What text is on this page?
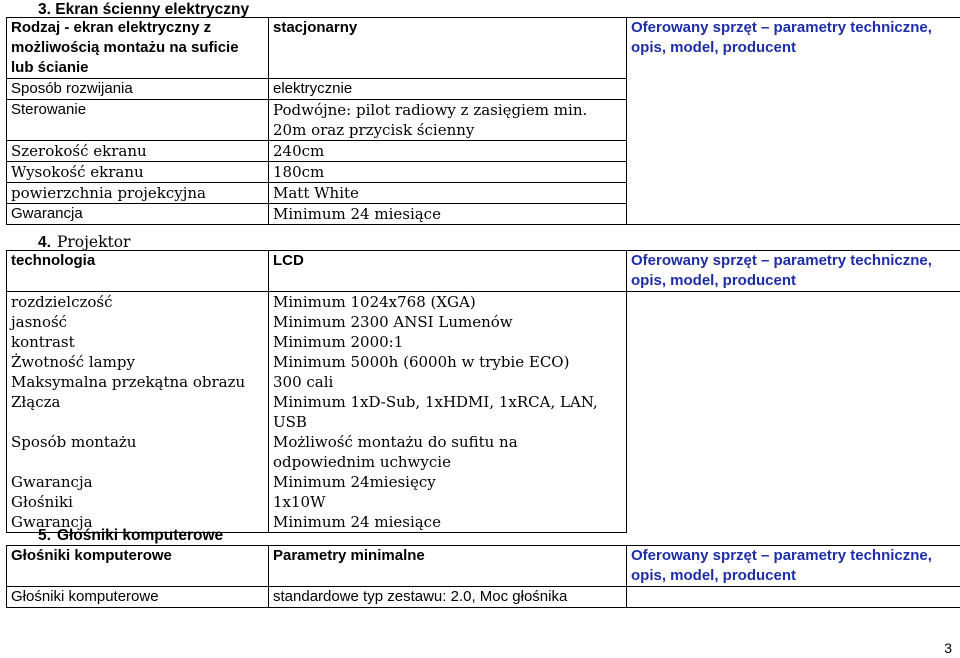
3. Ekran ścienny elektryczny
Rodzaj - ekran elektryczny z możliwością montażu na suficie lub ścianie	stacjonarny	Oferowany sprzęt – parametry techniczne, opis, model, producent
Sposób rozwijania	elektrycznie	
Sterowanie	Podwójne: pilot radiowy z zasięgiem min. 20m oraz przycisk ścienny	
Szerokość ekranu	240cm	
Wysokość ekranu	180cm	
powierzchnia projekcyjna	Matt White	
Gwarancja	Minimum 24 miesiące	
4. Projektor
technologia	LCD	Oferowany sprzęt – parametry techniczne, opis, model, producent
rozdzielczość	Minimum 1024x768 (XGA)	
jasność	Minimum 2300 ANSI Lumenów	
kontrast	Minimum 2000:1	
Żwotność lampy	Minimum 5000h (6000h w trybie ECO)	
Maksymalna przekątna obrazu	300 cali	
Złącza	Minimum 1xD-Sub, 1xHDMI, 1xRCA, LAN, USB	
Sposób montażu	Możliwość montażu do sufitu na odpowiednim uchwycie	
Gwarancja	Minimum 24miesięcy	
Głośniki	1x10W	
Gwarancja	Minimum 24 miesiące	
5. Głośniki komputerowe
Głośniki komputerowe	Parametry minimalne	Oferowany sprzęt – parametry techniczne, opis, model, producent
Głośniki komputerowe	standardowe typ zestawu: 2.0, Moc głośnika	
3
